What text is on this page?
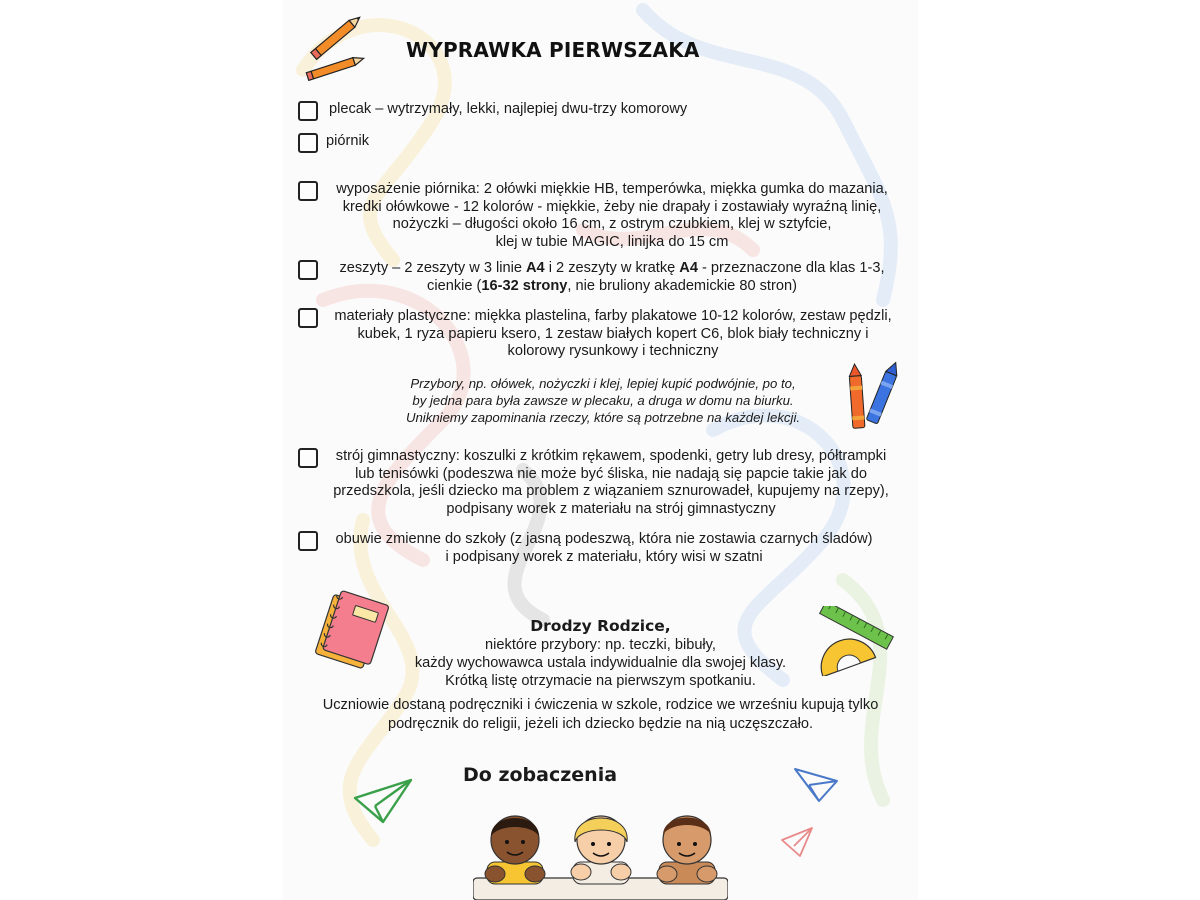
WYPRAWKA PIERWSZAKA
plecak – wytrzymały, lekki, najlepiej dwu-trzy komorowy
piórnik
wyposażenie piórnika: 2 ołówki miękkie HB, temperówka, miękka gumka do mazania,
kredki ołówkowe - 12 kolorów - miękkie, żeby nie drapały i zostawiały wyraźną linię,
nożyczki – długości około 16 cm, z ostrym czubkiem, klej w sztyfcie,
klej w tubie MAGIC, linijka do 15 cm
zeszyty – 2 zeszyty w 3 linie A4 i 2 zeszyty w kratkę A4 - przeznaczone dla klas 1-3,
cienkie (16-32 strony, nie bruliony akademickie 80 stron)
materiały plastyczne: miękka plastelina, farby plakatowe 10-12 kolorów, zestaw pędzli,
kubek, 1 ryza papieru ksero, 1 zestaw białych kopert C6, blok biały techniczny i
kolorowy rysunkowy i techniczny
Przybory, np. ołówek, nożyczki i klej, lepiej kupić podwójnie, po to,
by jedna para była zawsze w plecaku, a druga w domu na biurku.
Unikniemy zapominania rzeczy, które są potrzebne na każdej lekcji.
strój gimnastyczny: koszulki z krótkim rękawem, spodenki, getry lub dresy, półtrampki
lub tenisówki (podeszwa nie może być śliska, nie nadają się papcie takie jak do
przedszkola, jeśli dziecko ma problem z wiązaniem sznurowadeł, kupujemy na rzepy),
podpisany worek z materiału na strój gimnastyczny
obuwie zmienne do szkoły (z jasną podeszwą, która nie zostawia czarnych śladów)
i podpisany worek z materiału, który wisi w szatni
Drodzy Rodzice,
niektóre przybory: np. teczki, bibuły,
każdy wychowawca ustala indywidualnie dla swojej klasy.
Krótką listę otrzymacie na pierwszym spotkaniu.
Uczniowie dostaną podręczniki i ćwiczenia w szkole, rodzice we wrześniu kupują tylko
podręcznik do religii, jeżeli ich dziecko będzie na nią uczęszczało.
Do zobaczenia
